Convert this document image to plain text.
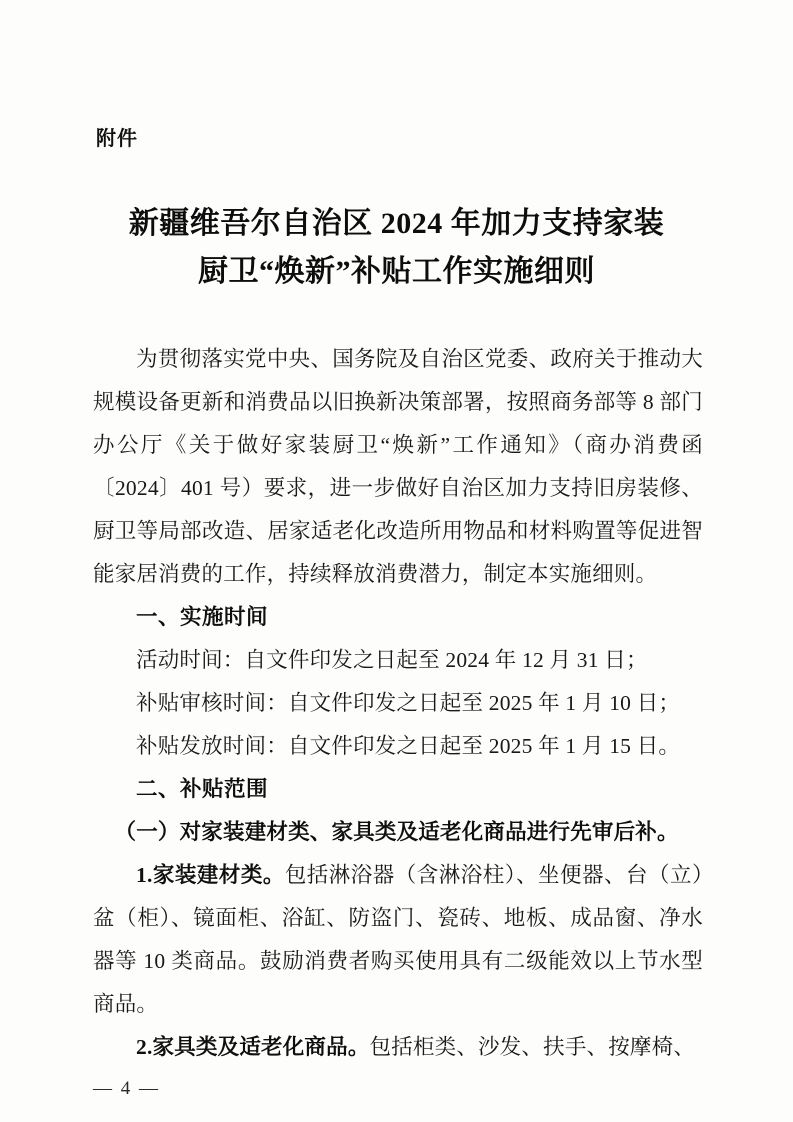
附件
新疆维吾尔自治区 2024 年加力支持家装
厨卫“焕新”补贴工作实施细则

为贯彻落实党中央、国务院及自治区党委、政府关于推动大规模设备更新和消费品以旧换新决策部署，按照商务部等 8 部门办公厅《关于做好家装厨卫“焕新”工作通知》（商办消费函〔2024〕401 号）要求，进一步做好自治区加力支持旧房装修、厨卫等局部改造、居家适老化改造所用物品和材料购置等促进智能家居消费的工作，持续释放消费潜力，制定本实施细则。

一、实施时间
活动时间：自文件印发之日起至 2024 年 12 月 31 日；
补贴审核时间：自文件印发之日起至 2025 年 1 月 10 日；
补贴发放时间：自文件印发之日起至 2025 年 1 月 15 日。
二、补贴范围
（一）对家装建材类、家具类及适老化商品进行先审后补。

1.家装建材类。包括淋浴器（含淋浴柱）、坐便器、台（立）盆（柜）、镜面柜、浴缸、防盗门、瓷砖、地板、成品窗、净水器等 10 类商品。鼓励消费者购买使用具有二级能效以上节水型商品。

2.家具类及适老化商品。包括柜类、沙发、扶手、按摩椅、

— 4 —
